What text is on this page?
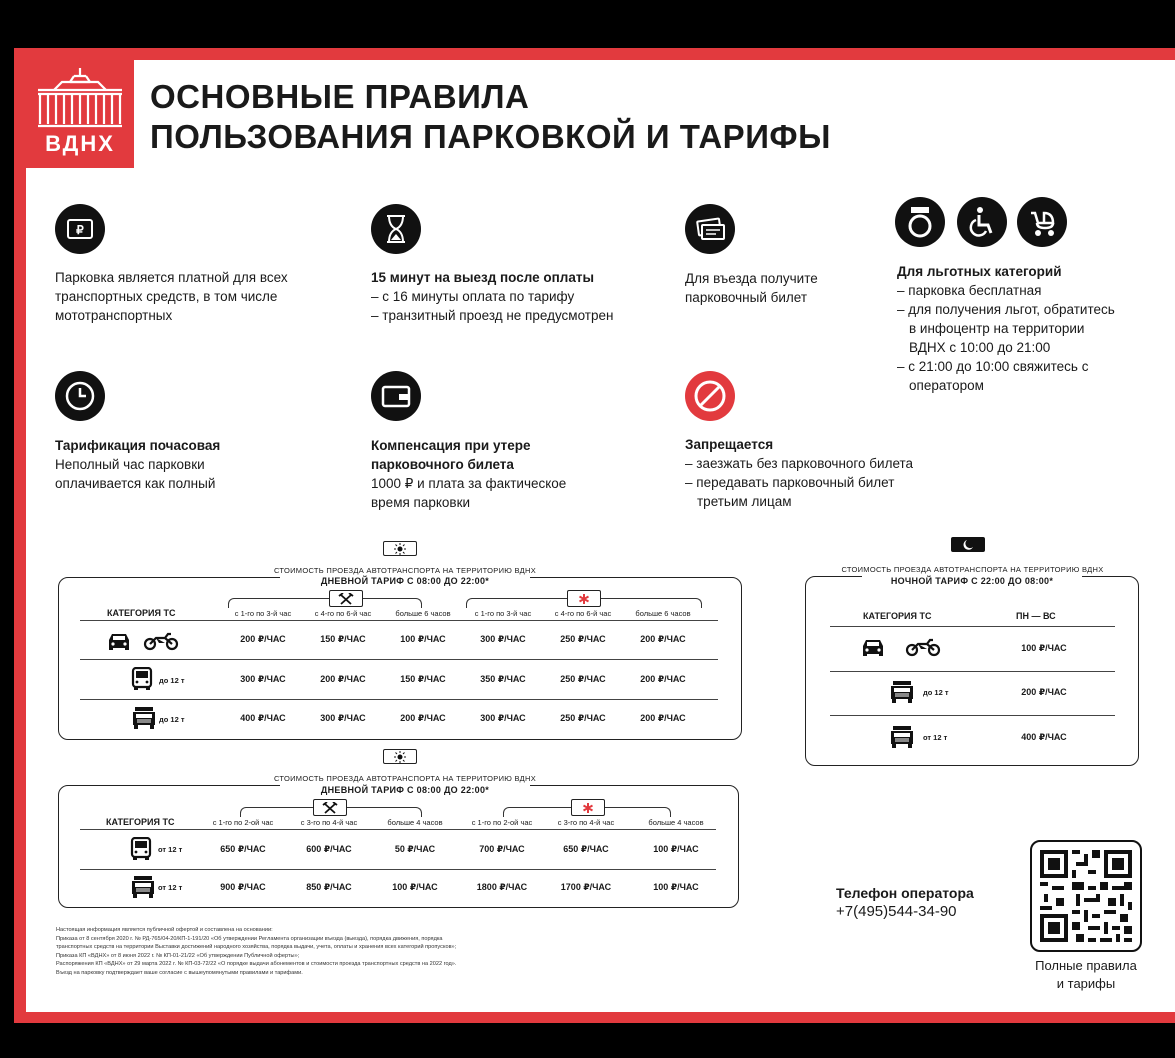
ВДНХ
ОСНОВНЫЕ ПРАВИЛА
ПОЛЬЗОВАНИЯ ПАРКОВКОЙ И ТАРИФЫ
₽
Парковка является платной для всех
транспортных средств, в том числе
мототранспортных
15 минут на выезд после оплаты
– с 16 минуты оплата по тарифу
– транзитный проезд не предусмотрен
Для въезда получите
парковочный билет
Для льготных категорий
– парковка бесплатная
– для получения льгот, обратитесь
в инфоцентр на территории
ВДНХ с 10:00 до 21:00
– с 21:00 до 10:00 свяжитесь с
оператором
Тарификация почасовая
Неполный час парковки
оплачивается как полный
Компенсация при утере
парковочного билета
1000 ₽ и плата за фактическое
время парковки
Запрещается
– заезжать без парковочного билета
– передавать парковочный билет
третьим лицам
СТОИМОСТЬ ПРОЕЗДА АВТОТРАНСПОРТА НА ТЕРРИТОРИЮ ВДНХ
ДНЕВНОЙ ТАРИФ С 08:00 ДО 22:00*
КАТЕГОРИЯ ТС
СТОИМОСТЬ ПРОЕЗДА АВТОТРАНСПОРТА НА ТЕРРИТОРИЮ ВДНХ
ДНЕВНОЙ ТАРИФ С 08:00 ДО 22:00*
КАТЕГОРИЯ ТС
СТОИМОСТЬ ПРОЕЗДА АВТОТРАНСПОРТА НА ТЕРРИТОРИЮ ВДНХ
НОЧНОЙ ТАРИФ С 22:00 ДО 08:00*
КАТЕГОРИЯ ТС	ПН — ВС
Телефон оператора
+7(495)544-34-90
Полные правила
и тарифы
Настоящая информация является публичной офертой и составлена на основании:
Приказа от 8 сентября 2020 г. № РД-765/04-20/КП-1-191/20 «Об утверждении Регламента организации въезда (выезда), порядка движения, порядка
транспортных средств на территории Выставки достижений народного хозяйства, порядка выдачи, учета, оплаты и хранения всех категорий пропусков»;
Приказа КП «ВДНХ» от 8 июня 2022 г. № КП-01-21/22 «Об утверждении Публичной оферты»;
Распоряжения КП «ВДНХ» от 29 марта 2022 г. № КП-03-72/22 «О порядке выдачи абонементов и стоимости проезда транспортных средств на 2022 год».
Въезд на парковку подтверждает ваше согласие с вышеупомянутыми правилами и тарифами.
с 1-го по 3-й час	с 4-го по 6-й час	больше 6 часов	с 1-го по 3-й час	с 4-го по 6-й час	больше 6 часов
200 ₽/ЧАС	150 ₽/ЧАС	100 ₽/ЧАС	300 ₽/ЧАС	250 ₽/ЧАС	200 ₽/ЧАС
до 12 т	300 ₽/ЧАС	200 ₽/ЧАС	150 ₽/ЧАС	350 ₽/ЧАС	250 ₽/ЧАС	200 ₽/ЧАС
до 12 т	400 ₽/ЧАС	300 ₽/ЧАС	200 ₽/ЧАС	300 ₽/ЧАС	250 ₽/ЧАС	200 ₽/ЧАС
с 1-го по 2-ой час	с 3-го по 4-й час	больше 4 часов	с 1-го по 2-ой час	с 3-го по 4-й час	больше 4 часов
от 12 т	650 ₽/ЧАС	600 ₽/ЧАС	50 ₽/ЧАС	700 ₽/ЧАС	650 ₽/ЧАС	100 ₽/ЧАС
от 12 т	900 ₽/ЧАС	850 ₽/ЧАС	100 ₽/ЧАС	1800 ₽/ЧАС	1700 ₽/ЧАС	100 ₽/ЧАС
100 ₽/ЧАС
до 12 т	200 ₽/ЧАС
от 12 т	400 ₽/ЧАС
